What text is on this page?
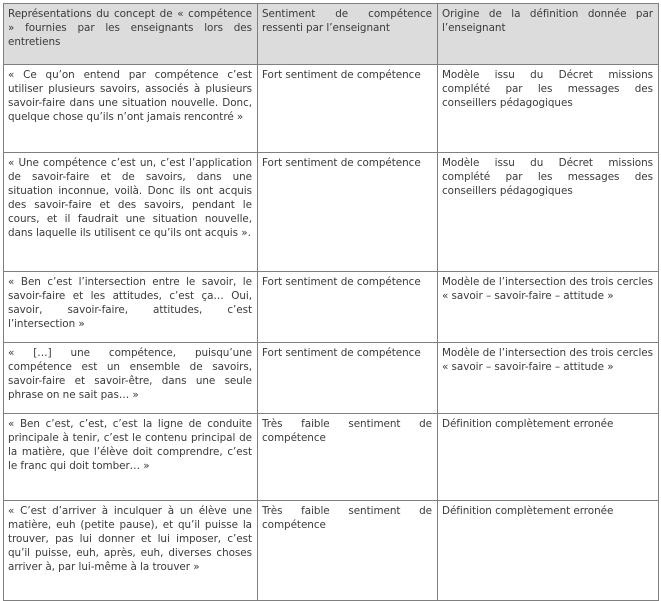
Représentations du concept de « compétence » fournies par les enseignants lors des entretiens	Sentiment de compétence ressenti par l’enseignant	Origine de la définition donnée par l’enseignant
« Ce qu’on entend par compétence c’est utiliser plusieurs savoirs, associés à plusieurs savoir-faire dans une situation nouvelle. Donc, quelque chose qu’ils n’ont jamais rencontré »	Fort sentiment de compétence	Modèle issu du Décret missions complété par les messages des conseillers pédagogiques
« Une compétence c’est un, c’est l’application de savoir-faire et de savoirs, dans une situation inconnue, voilà. Donc ils ont acquis des savoir-faire et des savoirs, pendant le cours, et il faudrait une situation nouvelle, dans laquelle ils utilisent ce qu’ils ont acquis ».	Fort sentiment de compétence	Modèle issu du Décret missions complété par les messages des conseillers pédagogiques
« Ben c’est l’intersection entre le savoir, le savoir-faire et les attitudes, c’est ça… Oui, savoir, savoir-faire, attitudes, c’est l’intersection »	Fort sentiment de compétence	Modèle de l’intersection des trois cercles « savoir – savoir-faire – attitude »
« […] une compétence, puisqu’une compétence est un ensemble de savoirs, savoir-faire et savoir-être, dans une seule phrase on ne sait pas… »	Fort sentiment de compétence	Modèle de l’intersection des trois cercles « savoir – savoir-faire – attitude »
« Ben c’est, c’est, c’est la ligne de conduite principale à tenir, c’est le contenu principal de la matière, que l’élève doit comprendre, c’est le franc qui doit tomber… »	Très faible sentiment de compétence	Définition complètement erronée
« C’est d’arriver à inculquer à un élève une matière, euh (petite pause), et qu’il puisse la trouver, pas lui donner et lui imposer, c’est qu’il puisse, euh, après, euh, diverses choses arriver à, par lui-même à la trouver »	Très faible sentiment de compétence	Définition complètement erronée
